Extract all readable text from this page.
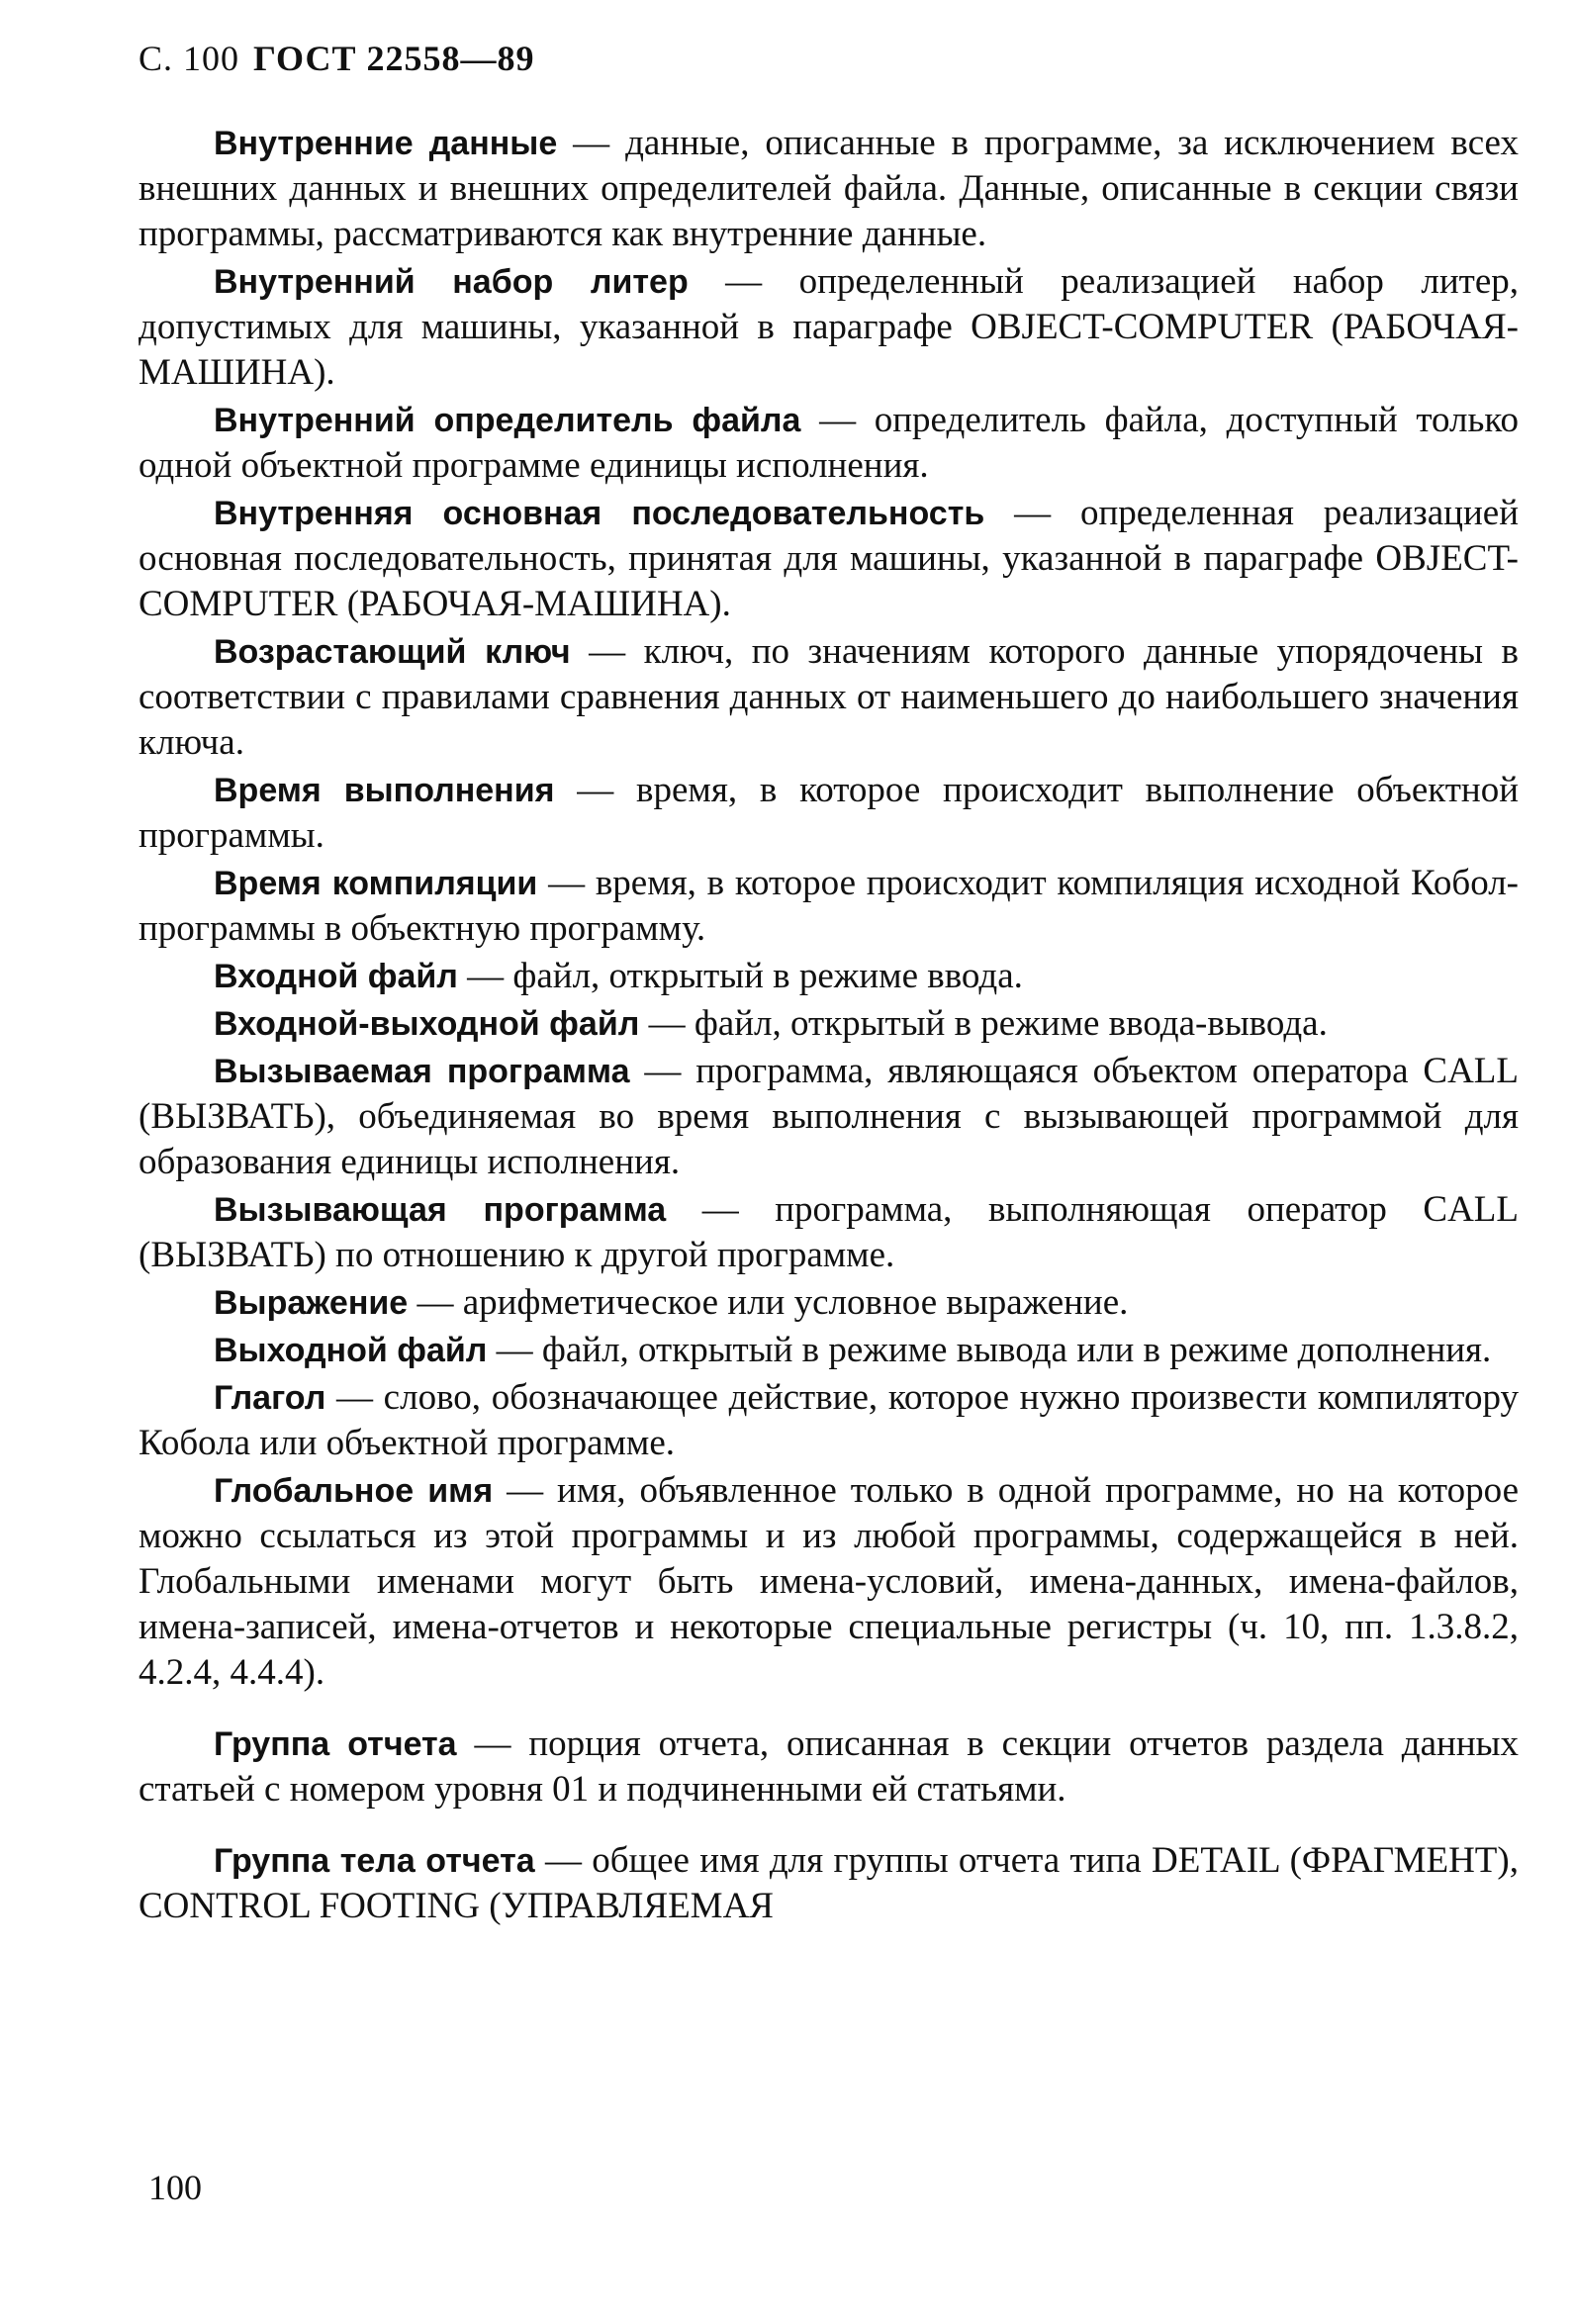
С. 100 ГОСТ 22558—89

Внутренние данные — данные, описанные в программе, за исключением всех внешних данных и внешних определителей файла. Данные, описанные в секции связи программы, рассматриваются как внутренние данные.

Внутренний набор литер — определенный реализацией набор литер, допустимых для машины, указанной в параграфе OBJECT-COMPUTER (РАБОЧАЯ-МАШИНА).

Внутренний определитель файла — определитель файла, доступный только одной объектной программе единицы исполнения.

Внутренняя основная последовательность — определенная реализацией основная последовательность, принятая для машины, указанной в параграфе OBJECT-COMPUTER (РАБОЧАЯ-МАШИНА).

Возрастающий ключ — ключ, по значениям которого данные упорядочены в соответствии с правилами сравнения данных от наименьшего до наибольшего значения ключа.

Время выполнения — время, в которое происходит выполнение объектной программы.

Время компиляции — время, в которое происходит компиляция исходной Кобол-программы в объектную программу.

Входной файл — файл, открытый в режиме ввода.

Входной-выходной файл — файл, открытый в режиме ввода-вывода.

Вызываемая программа — программа, являющаяся объектом оператора CALL (ВЫЗВАТЬ), объединяемая во время выполнения с вызывающей программой для образования единицы исполнения.

Вызывающая программа — программа, выполняющая оператор CALL (ВЫЗВАТЬ) по отношению к другой программе.

Выражение — арифметическое или условное выражение.

Выходной файл — файл, открытый в режиме вывода или в режиме дополнения.

Глагол — слово, обозначающее действие, которое нужно произвести компилятору Кобола или объектной программе.

Глобальное имя — имя, объявленное только в одной программе, но на которое можно ссылаться из этой программы и из любой программы, содержащейся в ней. Глобальными именами могут быть имена-условий, имена-данных, имена-файлов, имена-записей, имена-отчетов и некоторые специальные регистры (ч. 10, пп. 1.3.8.2, 4.2.4, 4.4.4).

Группа отчета — порция отчета, описанная в секции отчетов раздела данных статьей с номером уровня 01 и подчиненными ей статьями.

Группа тела отчета — общее имя для группы отчета типа DETAIL (ФРАГМЕНТ), CONTROL FOOTING (УПРАВЛЯЕМАЯ

100
